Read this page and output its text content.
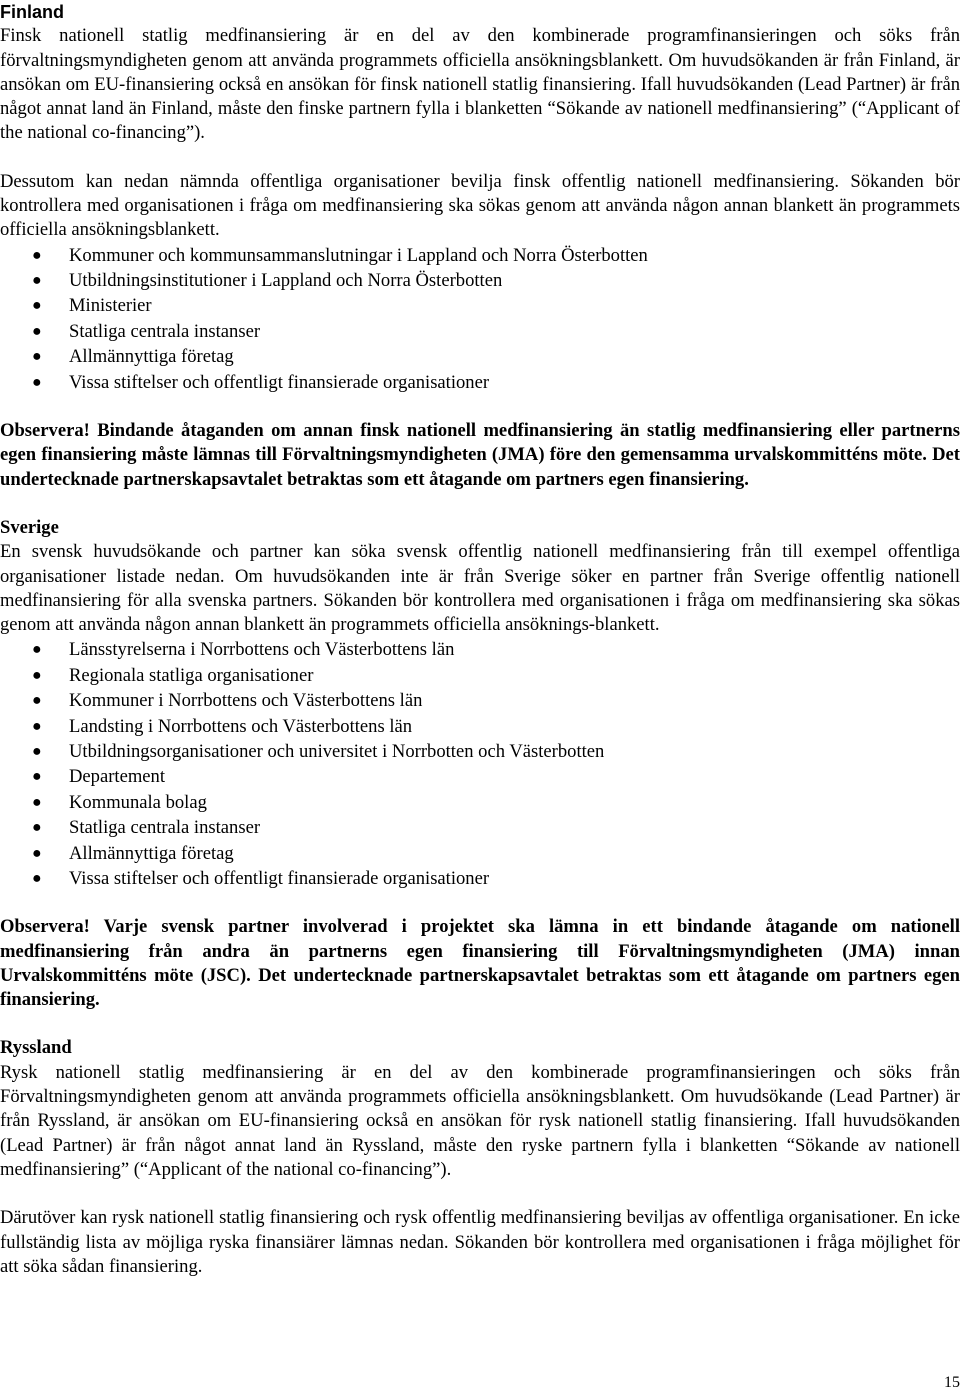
Finland

Finsk nationell statlig medfinansiering är en del av den kombinerade programfinansieringen och söks från förvaltningsmyndigheten genom att använda programmets officiella ansökningsblankett. Om huvudsökanden är från Finland, är ansökan om EU-finansiering också en ansökan för finsk nationell statlig finansiering. Ifall huvudsökanden (Lead Partner) är från något annat land än Finland, måste den finske partnern fylla i blanketten “Sökande av nationell medfinansiering” (“Applicant of the national co-financing”).

Dessutom kan nedan nämnda offentliga organisationer bevilja finsk offentlig nationell medfinansiering. Sökanden bör kontrollera med organisationen i fråga om medfinansiering ska sökas genom att använda någon annan blankett än programmets officiella ansökningsblankett.

● Kommuner och kommunsammanslutningar i Lappland och Norra Österbotten
● Utbildningsinstitutioner i Lappland och Norra Österbotten
● Ministerier
● Statliga centrala instanser
● Allmännyttiga företag
● Vissa stiftelser och offentligt finansierade organisationer

Observera! Bindande åtaganden om annan finsk nationell medfinansiering än statlig medfinansiering eller partnerns egen finansiering måste lämnas till Förvaltningsmyndigheten (JMA) före den gemensamma urvalskommitténs möte. Det undertecknade partnerskapsavtalet betraktas som ett åtagande om partners egen finansiering.

Sverige

En svensk huvudsökande och partner kan söka svensk offentlig nationell medfinansiering från till exempel offentliga organisationer listade nedan. Om huvudsökanden inte är från Sverige söker en partner från Sverige offentlig nationell medfinansiering för alla svenska partners. Sökanden bör kontrollera med organisationen i fråga om medfinansiering ska sökas genom att använda någon annan blankett än programmets officiella ansöknings-blankett.

● Länsstyrelserna i Norrbottens och Västerbottens län
● Regionala statliga organisationer
● Kommuner i Norrbottens och Västerbottens län
● Landsting i Norrbottens och Västerbottens län
● Utbildningsorganisationer och universitet i Norrbotten och Västerbotten
● Departement
● Kommunala bolag
● Statliga centrala instanser
● Allmännyttiga företag
● Vissa stiftelser och offentligt finansierade organisationer

Observera! Varje svensk partner involverad i projektet ska lämna in ett bindande åtagande om nationell medfinansiering från andra än partnerns egen finansiering till Förvaltningsmyndigheten (JMA) innan Urvalskommitténs möte (JSC). Det undertecknade partnerskapsavtalet betraktas som ett åtagande om partners egen finansiering.

Ryssland

Rysk nationell statlig medfinansiering är en del av den kombinerade programfinansieringen och söks från Förvaltningsmyndigheten genom att använda programmets officiella ansökningsblankett. Om huvudsökande (Lead Partner) är från Ryssland, är ansökan om EU-finansiering också en ansökan för rysk nationell statlig finansiering. Ifall huvudsökanden (Lead Partner) är från något annat land än Ryssland, måste den ryske partnern fylla i blanketten “Sökande av nationell medfinansiering” (“Applicant of the national co-financing”).

Därutöver kan rysk nationell statlig finansiering och rysk offentlig medfinansiering beviljas av offentliga organisationer. En icke fullständig lista av möjliga ryska finansiärer lämnas nedan. Sökanden bör kontrollera med organisationen i fråga möjlighet för att söka sådan finansiering.

15
